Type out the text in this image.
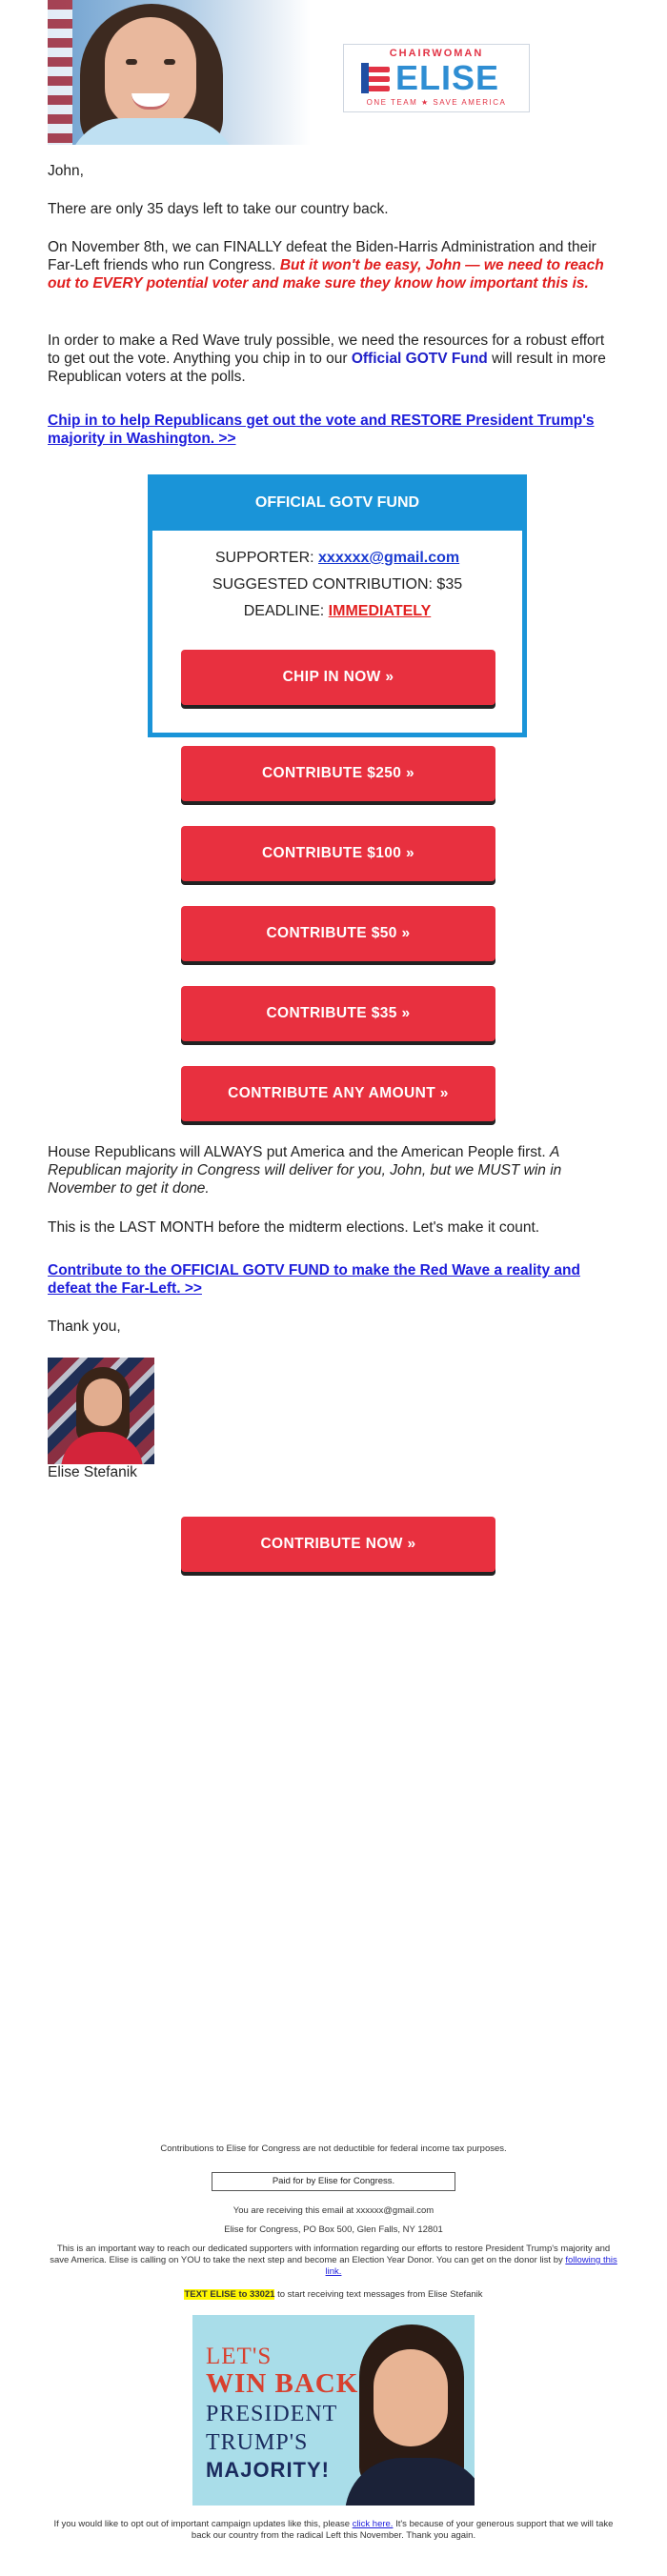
CHAIRWOMAN
ELISE
ONE TEAM ★ SAVE AMERICA

John,

There are only 35 days left to take our country back.

On November 8th, we can FINALLY defeat the Biden-Harris Administration and their Far-Left friends who run Congress. But it won't be easy, John — we need to reach out to EVERY potential voter and make sure they know how important this is.

In order to make a Red Wave truly possible, we need the resources for a robust effort to get out the vote. Anything you chip in to our Official GOTV Fund will result in more Republican voters at the polls.

Chip in to help Republicans get out the vote and RESTORE President Trump's majority in Washington. >>

OFFICIAL GOTV FUND
SUPPORTER: xxxxxx@gmail.com
SUGGESTED CONTRIBUTION: $35
DEADLINE: IMMEDIATELY
CHIP IN NOW »
CONTRIBUTE $250 »
CONTRIBUTE $100 »
CONTRIBUTE $50 »
CONTRIBUTE $35 »
CONTRIBUTE ANY AMOUNT »

House Republicans will ALWAYS put America and the American People first. A Republican majority in Congress will deliver for you, John, but we MUST win in November to get it done.

This is the LAST MONTH before the midterm elections. Let's make it count.

Contribute to the OFFICIAL GOTV FUND to make the Red Wave a reality and defeat the Far-Left. >>

Thank you,

Elise Stefanik

CONTRIBUTE NOW »
Contributions to Elise for Congress are not deductible for federal income tax purposes.
Paid for by Elise for Congress.
You are receiving this email at xxxxxx@gmail.com
Elise for Congress, PO Box 500, Glen Falls, NY 12801
This is an important way to reach our dedicated supporters with information regarding our efforts to restore President Trump's majority and save America. Elise is calling on YOU to take the next step and become an Election Year Donor. You can get on the donor list by following this link.
TEXT ELISE to 33021 to start receiving text messages from Elise Stefanik
LET'S
WIN BACK
PRESIDENT
TRUMP'S
MAJORITY!
If you would like to opt out of important campaign updates like this, please click here. It's because of your generous support that we will take back our country from the radical Left this November. Thank you again.
